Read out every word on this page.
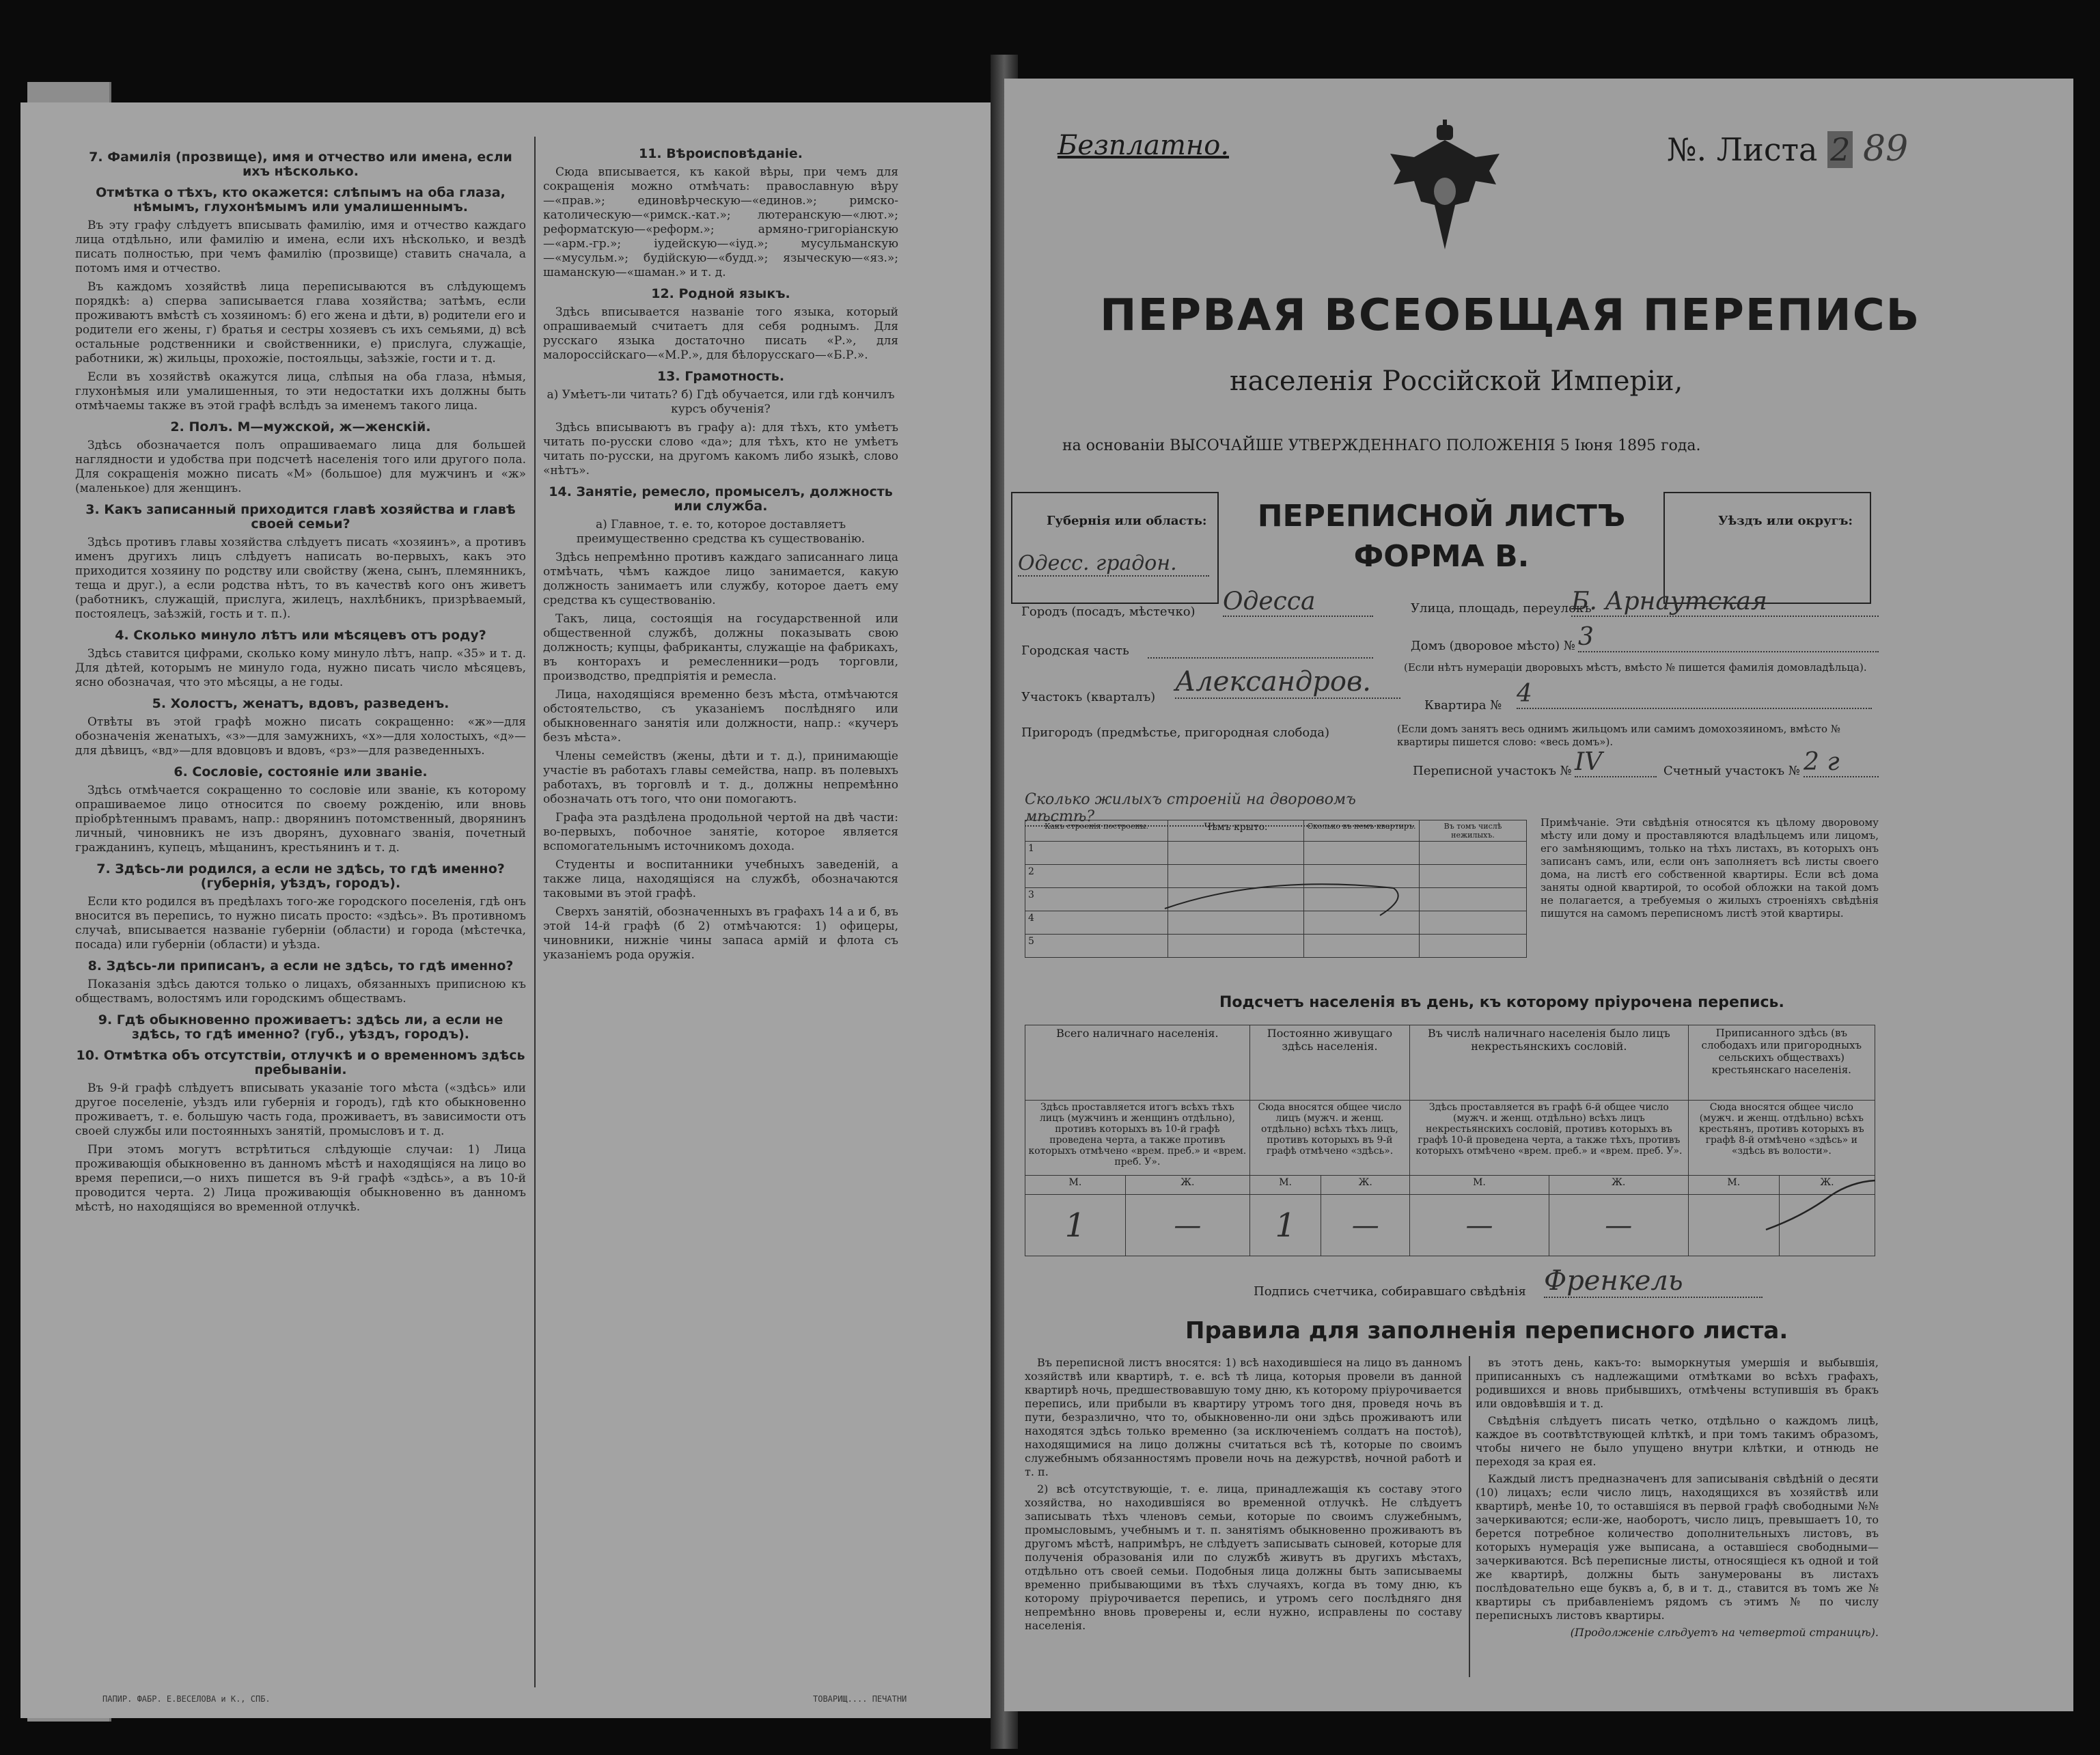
7. Фамилія (прозвище), имя и отчество или имена, если ихъ нѣсколько.
Отмѣтка о тѣхъ, кто окажется: слѣпымъ на оба глаза, нѣмымъ, глухонѣмымъ или умалишеннымъ.

Въ эту графу слѣдуетъ вписывать фамилію, имя и отчество каждаго лица отдѣльно, или фамилію и имена, если ихъ нѣсколько, и вездѣ писать полностью, при чемъ фамилію (прозвище) ставить сначала, а потомъ имя и отчество.

Въ каждомъ хозяйствѣ лица переписываются въ слѣдующемъ порядкѣ: а) сперва записывается глава хозяйства; затѣмъ, если проживаютъ вмѣстѣ съ хозяиномъ: б) его жена и дѣти, в) родители его и родители его жены, г) братья и сестры хозяевъ съ ихъ семьями, д) всѣ остальные родственники и свойственники, е) прислуга, служащіе, работники, ж) жильцы, прохожіе, постояльцы, заѣзжіе, гости и т. д.

Если въ хозяйствѣ окажутся лица, слѣпыя на оба глаза, нѣмыя, глухонѣмыя или умалишенныя, то эти недостатки ихъ должны быть отмѣчаемы также въ этой графѣ вслѣдъ за именемъ такого лица.

2. Полъ. М—мужской, ж—женскій.

Здѣсь обозначается полъ опрашиваемаго лица для большей наглядности и удобства при подсчетѣ населенія того или другого пола. Для сокращенія можно писать «М» (большое) для мужчинъ и «ж» (маленькое) для женщинъ.

3. Какъ записанный приходится главѣ хозяйства и главѣ своей семьи?

Здѣсь противъ главы хозяйства слѣдуетъ писать «хозяинъ», а противъ именъ другихъ лицъ слѣдуетъ написать во-первыхъ, какъ это приходится хозяину по родству или свойству (жена, сынъ, племянникъ, теща и друг.), а если родства нѣтъ, то въ качествѣ кого онъ живетъ (работникъ, служащій, прислуга, жилецъ, нахлѣбникъ, призрѣваемый, постоялецъ, заѣзжій, гость и т. п.).

4. Сколько минуло лѣтъ или мѣсяцевъ отъ роду?

Здѣсь ставится цифрами, сколько кому минуло лѣтъ, напр. «35» и т. д. Для дѣтей, которымъ не минуло года, нужно писать число мѣсяцевъ, ясно обозначая, что это мѣсяцы, а не годы.

5. Холостъ, женатъ, вдовъ, разведенъ.

Отвѣты въ этой графѣ можно писать сокращенно: «ж»—для обозначенія женатыхъ, «з»—для замужнихъ, «х»—для холостыхъ, «д»—для дѣвицъ, «вд»—для вдовцовъ и вдовъ, «рз»—для разведенныхъ.

6. Сословіе, состояніе или званіе.

Здѣсь отмѣчается сокращенно то сословіе или званіе, къ которому опрашиваемое лицо относится по своему рожденію, или вновь пріобрѣтеннымъ правамъ, напр.: дворянинъ потомственный, дворянинъ личный, чиновникъ не изъ дворянъ, духовнаго званія, почетный гражданинъ, купецъ, мѣщанинъ, крестьянинъ и т. д.

7. Здѣсь-ли родился, а если не здѣсь, то гдѣ именно? (губернія, уѣздъ, городъ).

Если кто родился въ предѣлахъ того-же городского поселенія, гдѣ онъ вносится въ перепись, то нужно писать просто: «здѣсь». Въ противномъ случаѣ, вписывается названіе губерніи (области) и города (мѣстечка, посада) или губерніи (области) и уѣзда.

8. Здѣсь-ли приписанъ, а если не здѣсь, то гдѣ именно?

Показанія здѣсь даются только о лицахъ, обязанныхъ приписною къ обществамъ, волостямъ или городскимъ обществамъ.

9. Гдѣ обыкновенно проживаетъ: здѣсь ли, а если не здѣсь, то гдѣ именно? (губ., уѣздъ, городъ).
10. Отмѣтка объ отсутствіи, отлучкѣ и о временномъ здѣсь пребываніи.

Въ 9-й графѣ слѣдуетъ вписывать указаніе того мѣста («здѣсь» или другое поселеніе, уѣздъ или губернія и городъ), гдѣ кто обыкновенно проживаетъ, т. е. большую часть года, проживаетъ, въ зависимости отъ своей службы или постоянныхъ занятій, промысловъ и т. д.

При этомъ могутъ встрѣтиться слѣдующіе случаи: 1) Лица проживающія обыкновенно въ данномъ мѣстѣ и находящіяся на лицо во время переписи,—о нихъ пишется въ 9-й графѣ «здѣсь», а въ 10-й проводится черта. 2) Лица проживающія обыкновенно въ данномъ мѣстѣ, но находящіяся во временной отлучкѣ.

11. Вѣроисповѣданіе.

Сюда вписывается, къ какой вѣры, при чемъ для сокращенія можно отмѣчать: православную вѣру—«прав.»; единовѣрческую—«единов.»; римско-католическую—«римск.-кат.»; лютеранскую—«лют.»; реформатскую—«реформ.»; армяно-григоріанскую—«арм.-гр.»; іудейскую—«іуд.»; мусульманскую—«мусульм.»; будійскую—«будд.»; языческую—«яз.»; шаманскую—«шаман.» и т. д.

12. Родной языкъ.

Здѣсь вписывается названіе того языка, который опрашиваемый считаетъ для себя роднымъ. Для русскаго языка достаточно писать «Р.», для малороссійскаго—«М.Р.», для бѣлорусскаго—«Б.Р.».

13. Грамотность.

а) Умѣетъ-ли читать? б) Гдѣ обучается, или гдѣ кончилъ курсъ обученія?

Здѣсь вписываютъ въ графу а): для тѣхъ, кто умѣетъ читать по-русски слово «да»; для тѣхъ, кто не умѣетъ читать по-русски, на другомъ какомъ либо языкѣ, слово «нѣтъ».

14. Занятіе, ремесло, промыселъ, должность или служба.

а) Главное, т. е. то, которое доставляетъ преимущественно средства къ существованію.

Здѣсь непремѣнно противъ каждаго записаннаго лица отмѣчать, чѣмъ каждое лицо занимается, какую должность занимаетъ или службу, которое даетъ ему средства къ существованію.

Такъ, лица, состоящія на государственной или общественной службѣ, должны показывать свою должность; купцы, фабриканты, служащіе на фабрикахъ, въ конторахъ и ремесленники—родъ торговли, производство, предпріятія и ремесла.

Лица, находящіяся временно безъ мѣста, отмѣчаются обстоятельство, съ указаніемъ послѣдняго или обыкновеннаго занятія или должности, напр.: «кучеръ безъ мѣста».

Члены семействъ (жены, дѣти и т. д.), принимающіе участіе въ работахъ главы семейства, напр. въ полевыхъ работахъ, въ торговлѣ и т. д., должны непремѣнно обозначать отъ того, что они помогаютъ.

Графа эта раздѣлена продольной чертой на двѣ части: во-первыхъ, побочное занятіе, которое является вспомогательнымъ источникомъ дохода.

Студенты и воспитанники учебныхъ заведеній, а также лица, находящіяся на службѣ, обозначаются таковыми въ этой графѣ.

Сверхъ занятій, обозначенныхъ въ графахъ 14 а и б, въ этой 14-й графѣ (б 2) отмѣчаются: 1) офицеры, чиновники, нижніе чины запаса армій и флота съ указаніемъ рода оружія.

ПАПИР. ФАБР. Е.ВЕСЕЛОВА и К., СПБ.	ТОВАРИЩ.... ПЕЧАТНИ
Безплатно.	№. Листа 2 89
ПЕРВАЯ ВСЕОБЩАЯ ПЕРЕПИСЬ
населенія Россійской Имперіи,
на основаніи ВЫСОЧАЙШЕ УТВЕРЖДЕННАГО ПОЛОЖЕНІЯ 5 Іюня 1895 года.
Губернія или область:
Одесс. градон.
ПЕРЕПИСНОЙ ЛИСТЪ
ФОРМА В.
Уѣздъ или округъ:
Городъ (посадъ, мѣстечко) Одесса
Городская часть
Участокъ (кварталъ) Александров.
Пригородъ (предмѣстье, пригородная слобода)
Улица, площадь, переулокъ
Б. Арнаутская
Домъ (дворовое мѣсто) № 3
(Если нѣтъ нумераціи дворовыхъ мѣстъ, вмѣсто № пишется фамилія домовладѣльца).
Квартира № 4
(Если домъ занятъ весь однимъ жильцомъ или самимъ домохозяиномъ, вмѣсто № квартиры пишется слово: «весь домъ»).
Переписной участокъ № IV	Счетный участокъ № 2 г
Сколько жилыхъ строеній на дворовомъ мѣстѣ?
Какъ строенія построены.	Чѣмъ крыто.	Сколько въ немъ квартиръ.	Въ томъ числѣ нежилыхъ.
1			
2			
3			
4			
5			
Примѣчаніе. Эти свѣдѣнія относятся къ цѣлому дворовому мѣсту или дому и проставляются владѣльцемъ или лицомъ, его замѣняющимъ, только на тѣхъ листахъ, въ которыхъ онъ записанъ самъ, или, если онъ заполняетъ всѣ листы своего дома, на листѣ его собственной квартиры. Если всѣ дома заняты одной квартирой, то особой обложки на такой домъ не полагается, а требуемыя о жилыхъ строеніяхъ свѣдѣнія пишутся на самомъ переписномъ листѣ этой квартиры.
Подсчетъ населенія въ день, къ которому пріурочена перепись.
Всего наличнаго населенія.		Постоянно живущаго здѣсь населенія.		Въ числѣ наличнаго населенія было лицъ некрестьянскихъ сословій.		Приписанного здѣсь (въ слободахъ или пригородныхъ сельскихъ обществахъ) крестьянскаго населенія.	
Здѣсь проставляется итогъ всѣхъ тѣхъ лицъ (мужчинъ и женщинъ отдѣльно), противъ которыхъ въ 10-й графѣ проведена черта, а также противъ которыхъ отмѣчено «врем. преб.» и «врем. преб. У».		Сюда вносятся общее число лицъ (мужч. и женщ. отдѣльно) всѣхъ тѣхъ лицъ, противъ которыхъ въ 9-й графѣ отмѣчено «здѣсь».		Здѣсь проставляется въ графѣ 6-й общее число (мужч. и женщ. отдѣльно) всѣхъ лицъ некрестьянскихъ сословій, противъ которыхъ въ графѣ 10-й проведена черта, а также тѣхъ, противъ которыхъ отмѣчено «врем. преб.» и «врем. преб. У».		Сюда вносятся общее число (мужч. и женщ. отдѣльно) всѣхъ крестьянъ, противъ которыхъ въ графѣ 8-й отмѣчено «здѣсь» и «здѣсь въ волости».	
М.	Ж.	М.	Ж.	М.	Ж.	М.	Ж.
1	—	1	—	—	—		
Подпись счетчика, собиравшаго свѣдѣнія Френкель
Правила для заполненія переписного листа.

Въ переписной листъ вносятся: 1) всѣ находившіеся на лицо въ данномъ хозяйствѣ или квартирѣ, т. е. всѣ тѣ лица, которыя провели въ данной квартирѣ ночь, предшествовавшую тому дню, къ которому пріурочивается перепись, или прибыли въ квартиру утромъ того дня, проведя ночь въ пути, безразлично, что то, обыкновенно-ли они здѣсь проживаютъ или находятся здѣсь только временно (за исключеніемъ солдатъ на постоѣ), находящимися на лицо должны считаться всѣ тѣ, которые по своимъ служебнымъ обязанностямъ провели ночь на дежурствѣ, ночной работѣ и т. п.

2) всѣ отсутствующіе, т. е. лица, принадлежащія къ составу этого хозяйства, но находившіяся во временной отлучкѣ. Не слѣдуетъ записывать тѣхъ членовъ семьи, которые по своимъ служебнымъ, промысловымъ, учебнымъ и т. п. занятіямъ обыкновенно проживаютъ въ другомъ мѣстѣ, напримѣръ, не слѣдуетъ записывать сыновей, которые для полученія образованія или по службѣ живутъ въ другихъ мѣстахъ, отдѣльно отъ своей семьи. Подобныя лица должны быть записываемы временно прибывающими въ тѣхъ случаяхъ, когда въ тому дню, къ которому пріурочивается перепись, и утромъ сего послѣдняго дня непремѣнно вновь проверены и, если нужно, исправлены по составу населенія.

въ этотъ день, какъ-то: выморкнутыя умершія и выбывшія, приписанныхъ съ надлежащими отмѣтками во всѣхъ графахъ, родившихся и вновь прибывшихъ, отмѣчены вступившія въ бракъ или овдовѣвшія и т. д.

Свѣдѣнія слѣдуетъ писать четко, отдѣльно о каждомъ лицѣ, каждое въ соотвѣтствующей клѣткѣ, и при томъ такимъ образомъ, чтобы ничего не было упущено внутри клѣтки, и отнюдь не переходя за края ея.

Каждый листъ предназначенъ для записыванія свѣдѣній о десяти (10) лицахъ; если число лицъ, находящихся въ хозяйствѣ или квартирѣ, менѣе 10, то оставшіяся въ первой графѣ свободными №№ зачеркиваются; если-же, наоборотъ, число лицъ, превышаетъ 10, то берется потребное количество дополнительныхъ листовъ, въ которыхъ нумерація уже выписана, а оставшіеся свободными—зачеркиваются. Всѣ переписные листы, относящіеся къ одной и той же квартирѣ, должны быть занумерованы въ листахъ послѣдовательно еще буквъ а, б, в и т. д., ставится въ томъ же № квартиры съ прибавленіемъ рядомъ съ этимъ № по числу переписныхъ листовъ квартиры.

(Продолженіе слѣдуетъ на четвертой страницѣ).
